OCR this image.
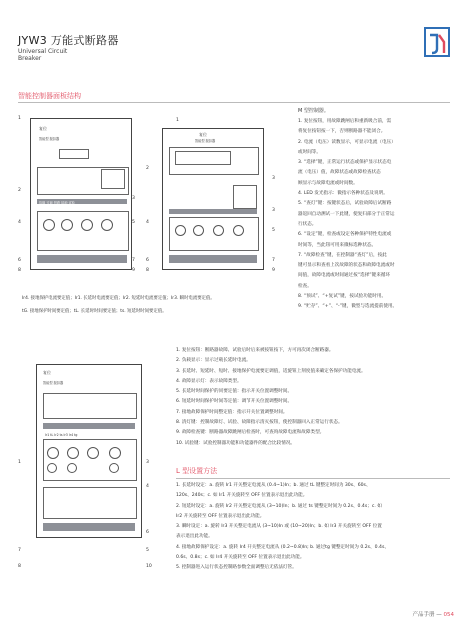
JYW3 万能式断路器
Universal Circuit
Breaker
智能控制器面板结构
复位
智能型 脱扣器
故障 过载 短路 接地 试验
1
2
4
6
8
3
5
7
9
复位
智能型 脱扣器
1
2
4
6
8
3
3
5
7
9
M 型控制器。
1. 复位按钮，用故障跳闸后和重新吸合前，需
将复位按钮按一下，否则断路器不能闭合。
2. 电流（电压）读数显示，可显示电流（电压）
或时间等。
3. “选择”键，正常运行状态或保护显示状态电
流（电压）值，故障状态或故障检查状态
顾显示与故障电流或时间数。
4. LED 发光指示：微指示各种状态及说明。
5. “查灯”键：按键状态后，试验故障后试断路
器返回自动测试一下此键，使复归部分于正常运
行状态。
6. “设定”键，检查或设定各种保护特性电流或
时间等，当此钮可用来微标选种状态。
7. “故障检查”键，在控制器“查灯”后，按此
键可显示和查看上次故障的状态和故障电流或时
间值，故障电流或时间通过按“选择”键来循环
检查。
8. “预试”、“+复试”键，按试验功能时用。
9. “贮存”、“+”、“-”键，微型与选流提前使用。
Ir4. 接地保护电流要定值；Ir1. 长延时电流要定值；Ir2. 短延时电流要定值；Ir3. 瞬时电流要定值。
tG. 接地保护时间要定值；tL. 长延时时间要定值；ts. 短延时时间要定值。
复位
智能型 脱扣器
Ir1 tL Ir2 ts Ir3 Ir4 tg
1
7
8
3
4
6
5
10
1. 复位按钮：断路器故障、试验后时后来被按钮按下，方可再次闭合断路器。
2. 负载显示：显示过载长延时电流。
3. 长延时、短延时、短时、接地保护电流要定调值，适旋钮上刻度值来确定各保护功能电流。
4. 故障显示灯：表示故障类型。
5. 长延时时间保护的同要定值：指示开关位置调整时间。
6. 短延时时间保护时间等定值：调节开关位置调整时间。
7. 接地故障保护时间整定值：指示开关位置调整时间。
8. 清灯键：控制故障灯、试验、故障指示清灭按钮，使控制器回入正常运行状态。
9. 故障检查键：断路器故障跳闸后检查时，可查询故障电流和故障类型。
10. 试验键：试验控制器功能和功能器件的配合比较情况。
L 型设置方法
1. 长延时设定：a. 旋转 Ir1 开关整定电流从 (0.4~1)In；b. 通过 tL 键整定时间为 30s、60s、
120s、240s；c. 如 Ir1 开关旋转至 OFF 位置表示退出此功能。
2. 短延时设定：a. 旋转 Ir2 开关整定电流从 (3~10)In；b. 通过 ts 键整定时间为 0.2s、0.4s；c. 如
Ir2 开关旋转至 OFF 位置表示退出此功能。
3. 瞬时设定：a. 旋转 Ir3 开关整定电流从 (3~10)In 或 (10~20)In；b. 如 Ir3 开关旋转至 OFF 位置
表示退出此功能。
4. 接地故障保护设定：a. 旋转 Ir4 开关整定电流从 (0.2~0.8)In; b. 通过tg 键整定时间为 0.2s、0.4s、
0.6s、0.8s；c. 如 Ir4 开关旋转至 OFF 位置表示退出此功能。
5. 控制器进入运行状态控制路参数全面调整后无依法灯管。
产品手册 — 054
